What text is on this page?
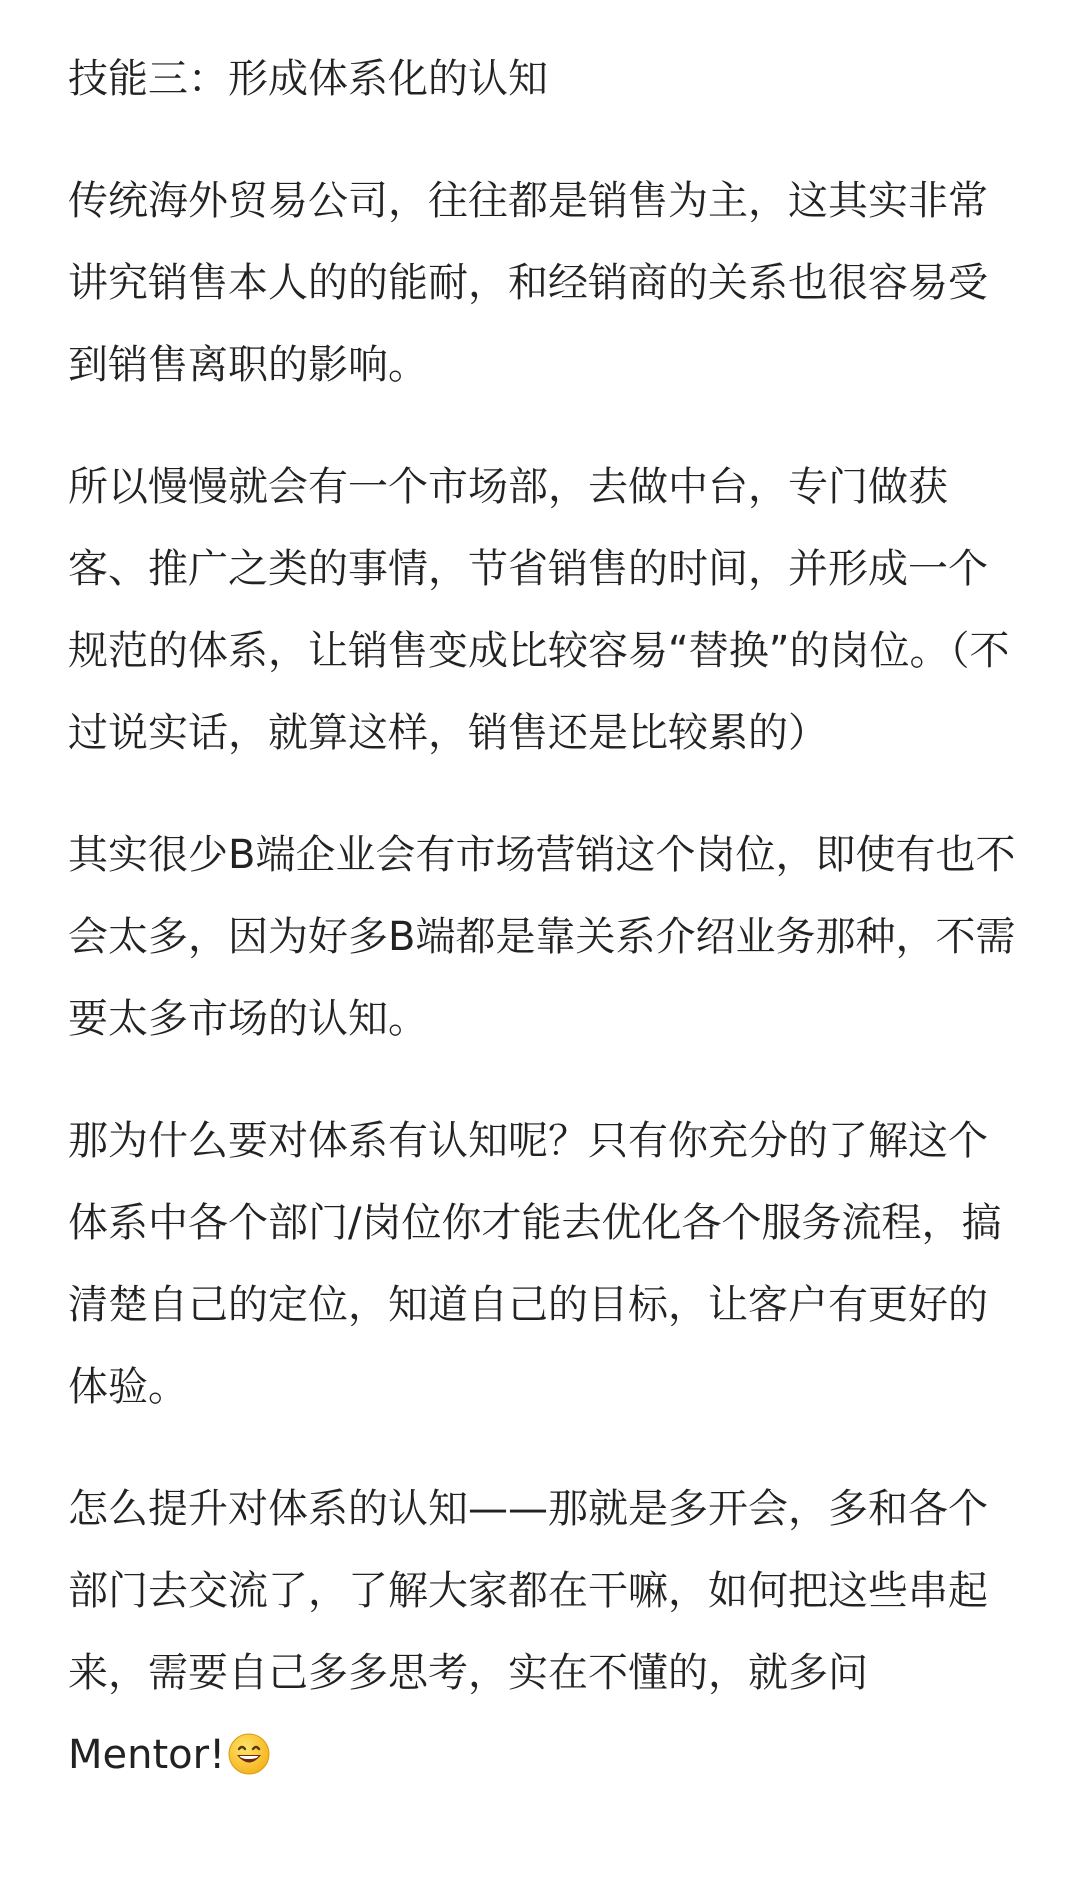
技能三：形成体系化的认知

传统海外贸易公司，往往都是销售为主，这其实非常讲究销售本人的的能耐，和经销商的关系也很容易受到销售离职的影响。

所以慢慢就会有一个市场部，去做中台，专门做获客、推广之类的事情，节省销售的时间，并形成一个规范的体系，让销售变成比较容易“替换”的岗位。（不过说实话，就算这样，销售还是比较累的）

其实很少B端企业会有市场营销这个岗位，即使有也不会太多，因为好多B端都是靠关系介绍业务那种，不需要太多市场的认知。

那为什么要对体系有认知呢？只有你充分的了解这个体系中各个部门/岗位你才能去优化各个服务流程，搞清楚自己的定位，知道自己的目标，让客户有更好的体验。

怎么提升对体系的认知——那就是多开会，多和各个部门去交流了，了解大家都在干嘛，如何把这些串起来，需要自己多多思考，实在不懂的，就多问Mentor!
